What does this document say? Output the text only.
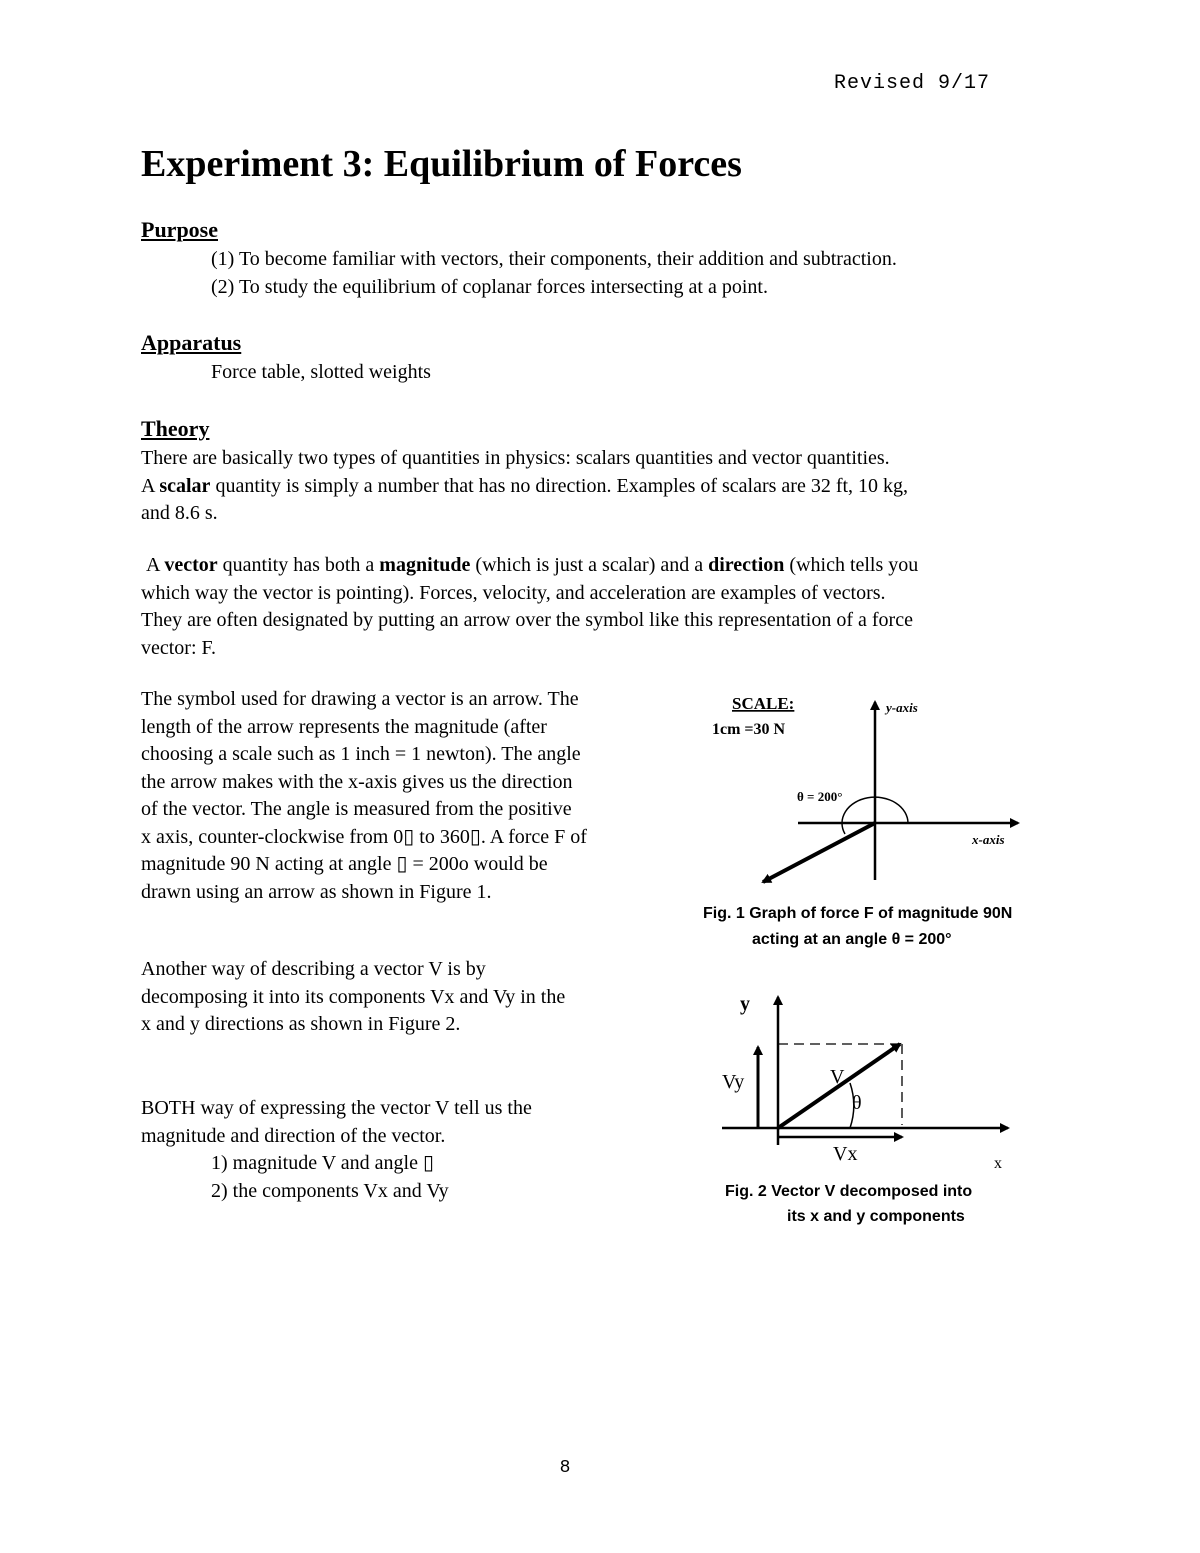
Revised 9/17
Experiment 3: Equilibrium of Forces
Purpose
(1) To become familiar with vectors, their components, their addition and subtraction.
(2) To study the equilibrium of coplanar forces intersecting at a point.
Apparatus
Force table, slotted weights
Theory
There are basically two types of quantities in physics: scalars quantities and vector quantities.
A scalar quantity is simply a number that has no direction. Examples of scalars are 32 ft, 10 kg,
and 8.6 s.
A vector quantity has both a magnitude (which is just a scalar) and a direction (which tells you
which way the vector is pointing). Forces, velocity, and acceleration are examples of vectors.
They are often designated by putting an arrow over the symbol like this representation of a force
vector: F.
The symbol used for drawing a vector is an arrow. The
length of the arrow represents the magnitude (after
choosing a scale such as 1 inch = 1 newton). The angle
the arrow makes with the x-axis gives us the direction
of the vector. The angle is measured from the positive
x axis, counter-clockwise from 0▯ to 360▯. A force F of
magnitude 90 N acting at angle ▯ = 200o would be
drawn using an arrow as shown in Figure 1.
Another way of describing a vector V is by
decomposing it into its components Vx and Vy in the
x and y directions as shown in Figure 2.
BOTH way of expressing the vector V tell us the
magnitude and direction of the vector.
1) magnitude V and angle ▯
2) the components Vx and Vy
SCALE:
1cm =30 N
y-axis
x-axis
θ = 200°
Fig. 1 Graph of force F of magnitude 90N
acting at an angle θ = 200°
y
x
Vy	V
θ
Vx
Fig. 2 Vector V decomposed into
its x and y components
8
